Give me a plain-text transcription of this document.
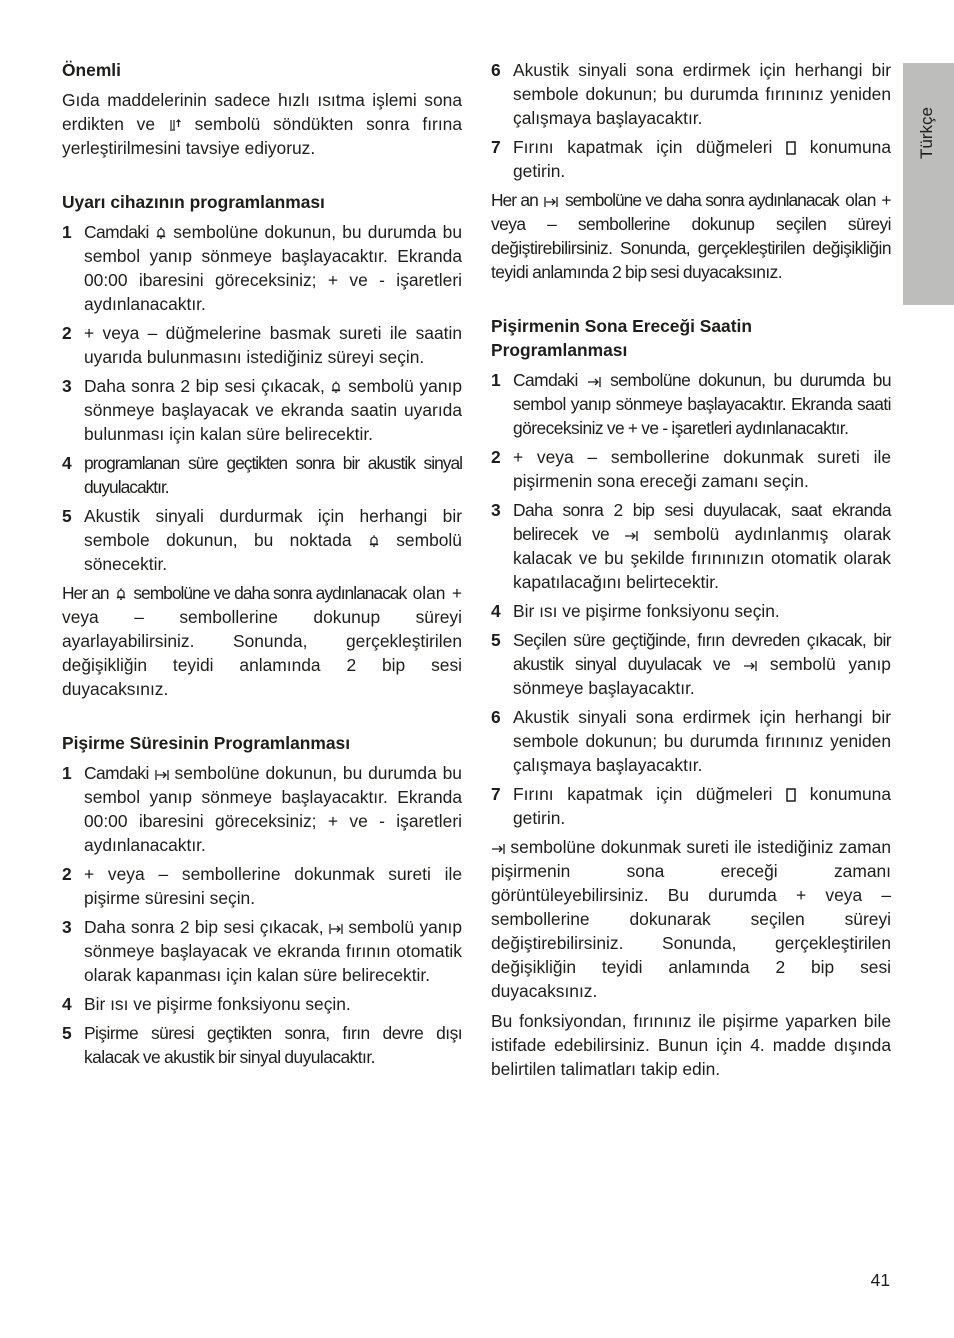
Önemli

Gıda maddelerinin sadece hızlı ısıtma işlemi sona erdikten ve sembolü söndükten sonra fırına yerleştirilmesini tavsiye ediyoruz.

Uyarı cihazının programlanması
1 Camdaki sembolüne dokunun, bu durumda bu sembol yanıp sönmeye başlayacaktır. Ekranda 00:00 ibaresini göreceksiniz; + ve - işaretleri aydınlanacaktır.
2 + veya – düğmelerine basmak sureti ile saatin uyarıda bulunmasını istediğiniz süreyi seçin.
3 Daha sonra 2 bip sesi çıkacak, sembolü yanıp sönmeye başlayacak ve ekranda saatin uyarıda bulunması için kalan süre belirecektir.
4 programlanan süre geçtikten sonra bir akustik sinyal duyulacaktır.
5 Akustik sinyali durdurmak için herhangi bir sembole dokunun, bu noktada	sembolü sönecektir.

Her an sembolüne ve daha sonra aydınlanacak olan + veya – sembollerine dokunup süreyi ayarlayabilirsiniz. Sonunda, gerçekleştirilen değişikliğin teyidi anlamında 2 bip sesi duyacaksınız.

Pişirme Süresinin Programlanması
1 Camdaki sembolüne dokunun, bu durumda bu sembol yanıp sönmeye başlayacaktır. Ekranda 00:00 ibaresini göreceksiniz; + ve - işaretleri aydınlanacaktır.
2 + veya – sembollerine dokunmak sureti ile pişirme süresini seçin.
3 Daha sonra 2 bip sesi çıkacak, sembolü yanıp sönmeye başlayacak ve ekranda fırının otomatik olarak kapanması için kalan süre belirecektir.
4 Bir ısı ve pişirme fonksiyonu seçin.
5 Pişirme süresi geçtikten sonra, fırın devre dışı kalacak ve akustik bir sinyal duyulacaktır.
6 Akustik sinyali sona erdirmek için herhangi bir sembole dokunun; bu durumda fırınınız yeniden çalışmaya başlayacaktır.
7 Fırını kapatmak için düğmeleri konumuna getirin.

Her an sembolüne ve daha sonra aydınlanacak olan + veya – sembollerine dokunup seçilen süreyi değiştirebilirsiniz. Sonunda, gerçekleştirilen değişikliğin teyidi anlamında 2 bip sesi duyacaksınız.

Pişirmenin Sona Ereceği Saatin Programlanması
1 Camdaki sembolüne dokunun, bu durumda bu sembol yanıp sönmeye başlayacaktır. Ekranda saati göreceksiniz ve + ve - işaretleri aydınlanacaktır.
2 + veya – sembollerine dokunmak sureti ile pişirmenin sona ereceği zamanı seçin.
3 Daha sonra 2 bip sesi duyulacak, saat ekranda belirecek ve	sembolü aydınlanmış olarak kalacak ve bu şekilde fırınınızın otomatik olarak kapatılacağını belirtecektir.
4 Bir ısı ve pişirme fonksiyonu seçin.
5 Seçilen süre geçtiğinde, fırın devreden çıkacak, bir akustik sinyal duyulacak ve sembolü yanıp sönmeye başlayacaktır.
6 Akustik sinyali sona erdirmek için herhangi bir sembole dokunun; bu durumda fırınınız yeniden çalışmaya başlayacaktır.
7 Fırını kapatmak için düğmeleri konumuna getirin.

sembolüne dokunmak sureti ile istediğiniz zaman pişirmenin sona ereceği zamanı görüntüleyebilirsiniz. Bu durumda + veya – sembollerine dokunarak seçilen süreyi değiştirebilirsiniz. Sonunda, gerçekleştirilen değişikliğin teyidi anlamında 2 bip sesi duyacaksınız.

Bu fonksiyondan, fırınınız ile pişirme yaparken bile istifade edebilirsiniz. Bunun için 4. madde dışında belirtilen talimatları takip edin.

Türkçe
41
